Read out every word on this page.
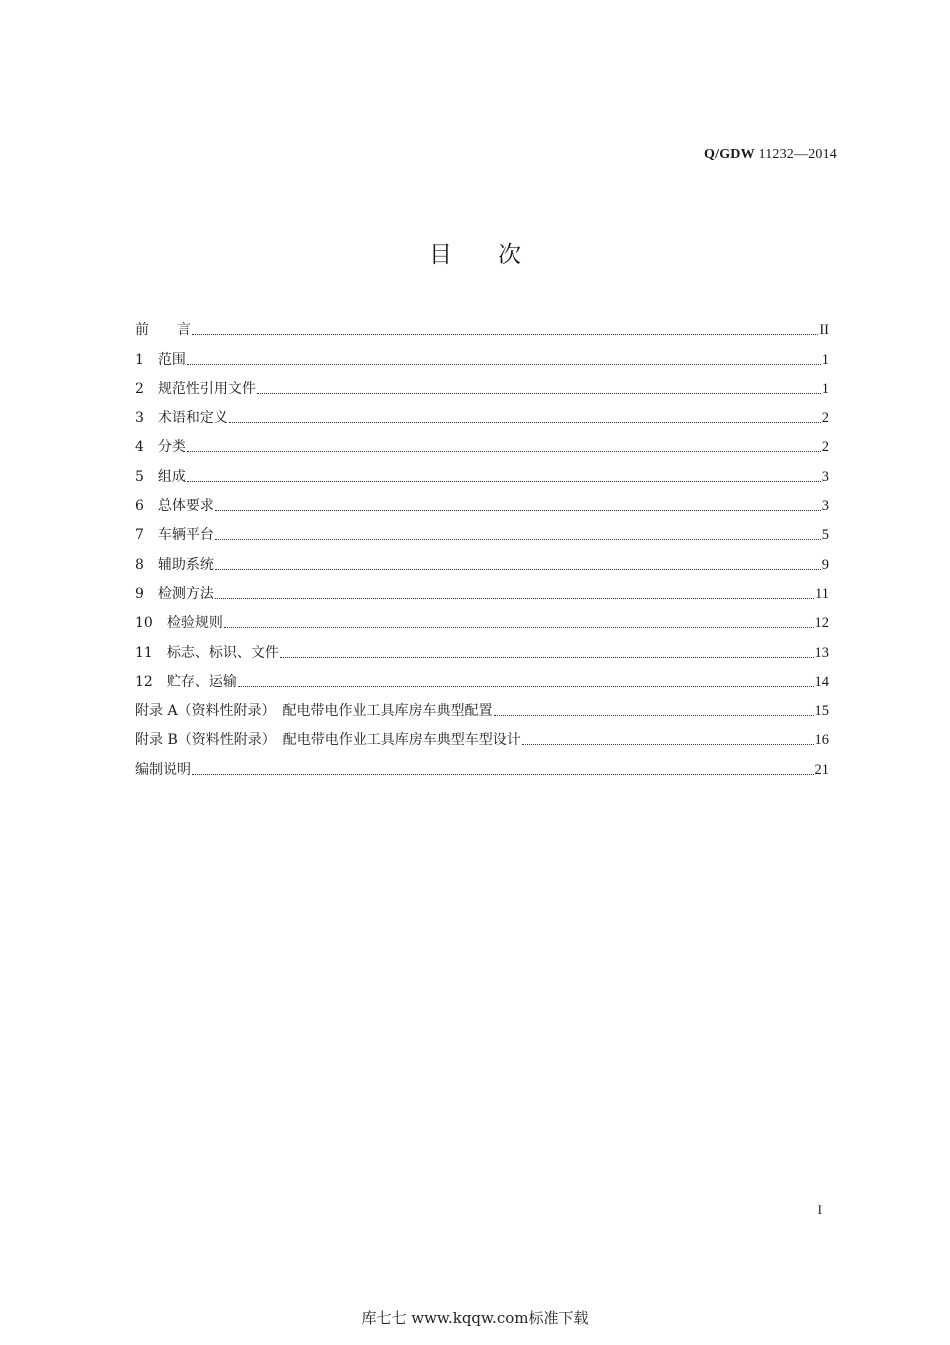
Q/GDW 11232—2014
目次
前　　言	II
1　范围	1
2　规范性引用文件	1
3　术语和定义	2
4　分类	2
5　组成	3
6　总体要求	3
7　车辆平台	5
8　辅助系统	9
9　检测方法	11
10　检验规则	12
11　标志、标识、文件	13
12　贮存、运输	14
附录 A（资料性附录）　配电带电作业工具库房车典型配置	15
附录 B（资料性附录）　配电带电作业工具库房车典型车型设计	16
编制说明	21
I
库七七 www.kqqw.com标准下载
